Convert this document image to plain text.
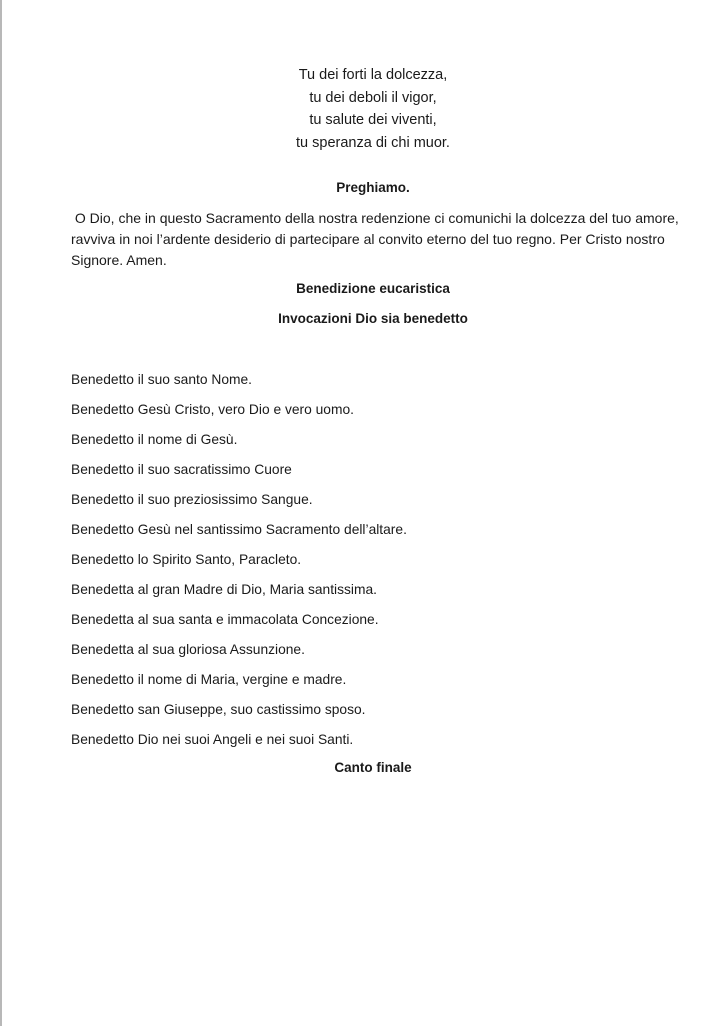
Tu dei forti la dolcezza,
tu dei deboli il vigor,
tu salute dei viventi,
tu speranza di chi muor.
Preghiamo.
O Dio, che in questo Sacramento della nostra redenzione ci comunichi la dolcezza del tuo amore,
ravviva in noi l’ardente desiderio di partecipare al convito eterno del tuo regno. Per Cristo nostro
Signore. Amen.
Benedizione eucaristica
Invocazioni Dio sia benedetto
Benedetto il suo santo Nome.
Benedetto Gesù Cristo, vero Dio e vero uomo.
Benedetto il nome di Gesù.
Benedetto il suo sacratissimo Cuore
Benedetto il suo preziosissimo Sangue.
Benedetto Gesù nel santissimo Sacramento dell’altare.
Benedetto lo Spirito Santo, Paracleto.
Benedetta al gran Madre di Dio, Maria santissima.
Benedetta al sua santa e immacolata Concezione.
Benedetta al sua gloriosa Assunzione.
Benedetto il nome di Maria, vergine e madre.
Benedetto san Giuseppe, suo castissimo sposo.
Benedetto Dio nei suoi Angeli e nei suoi Santi.
Canto finale
